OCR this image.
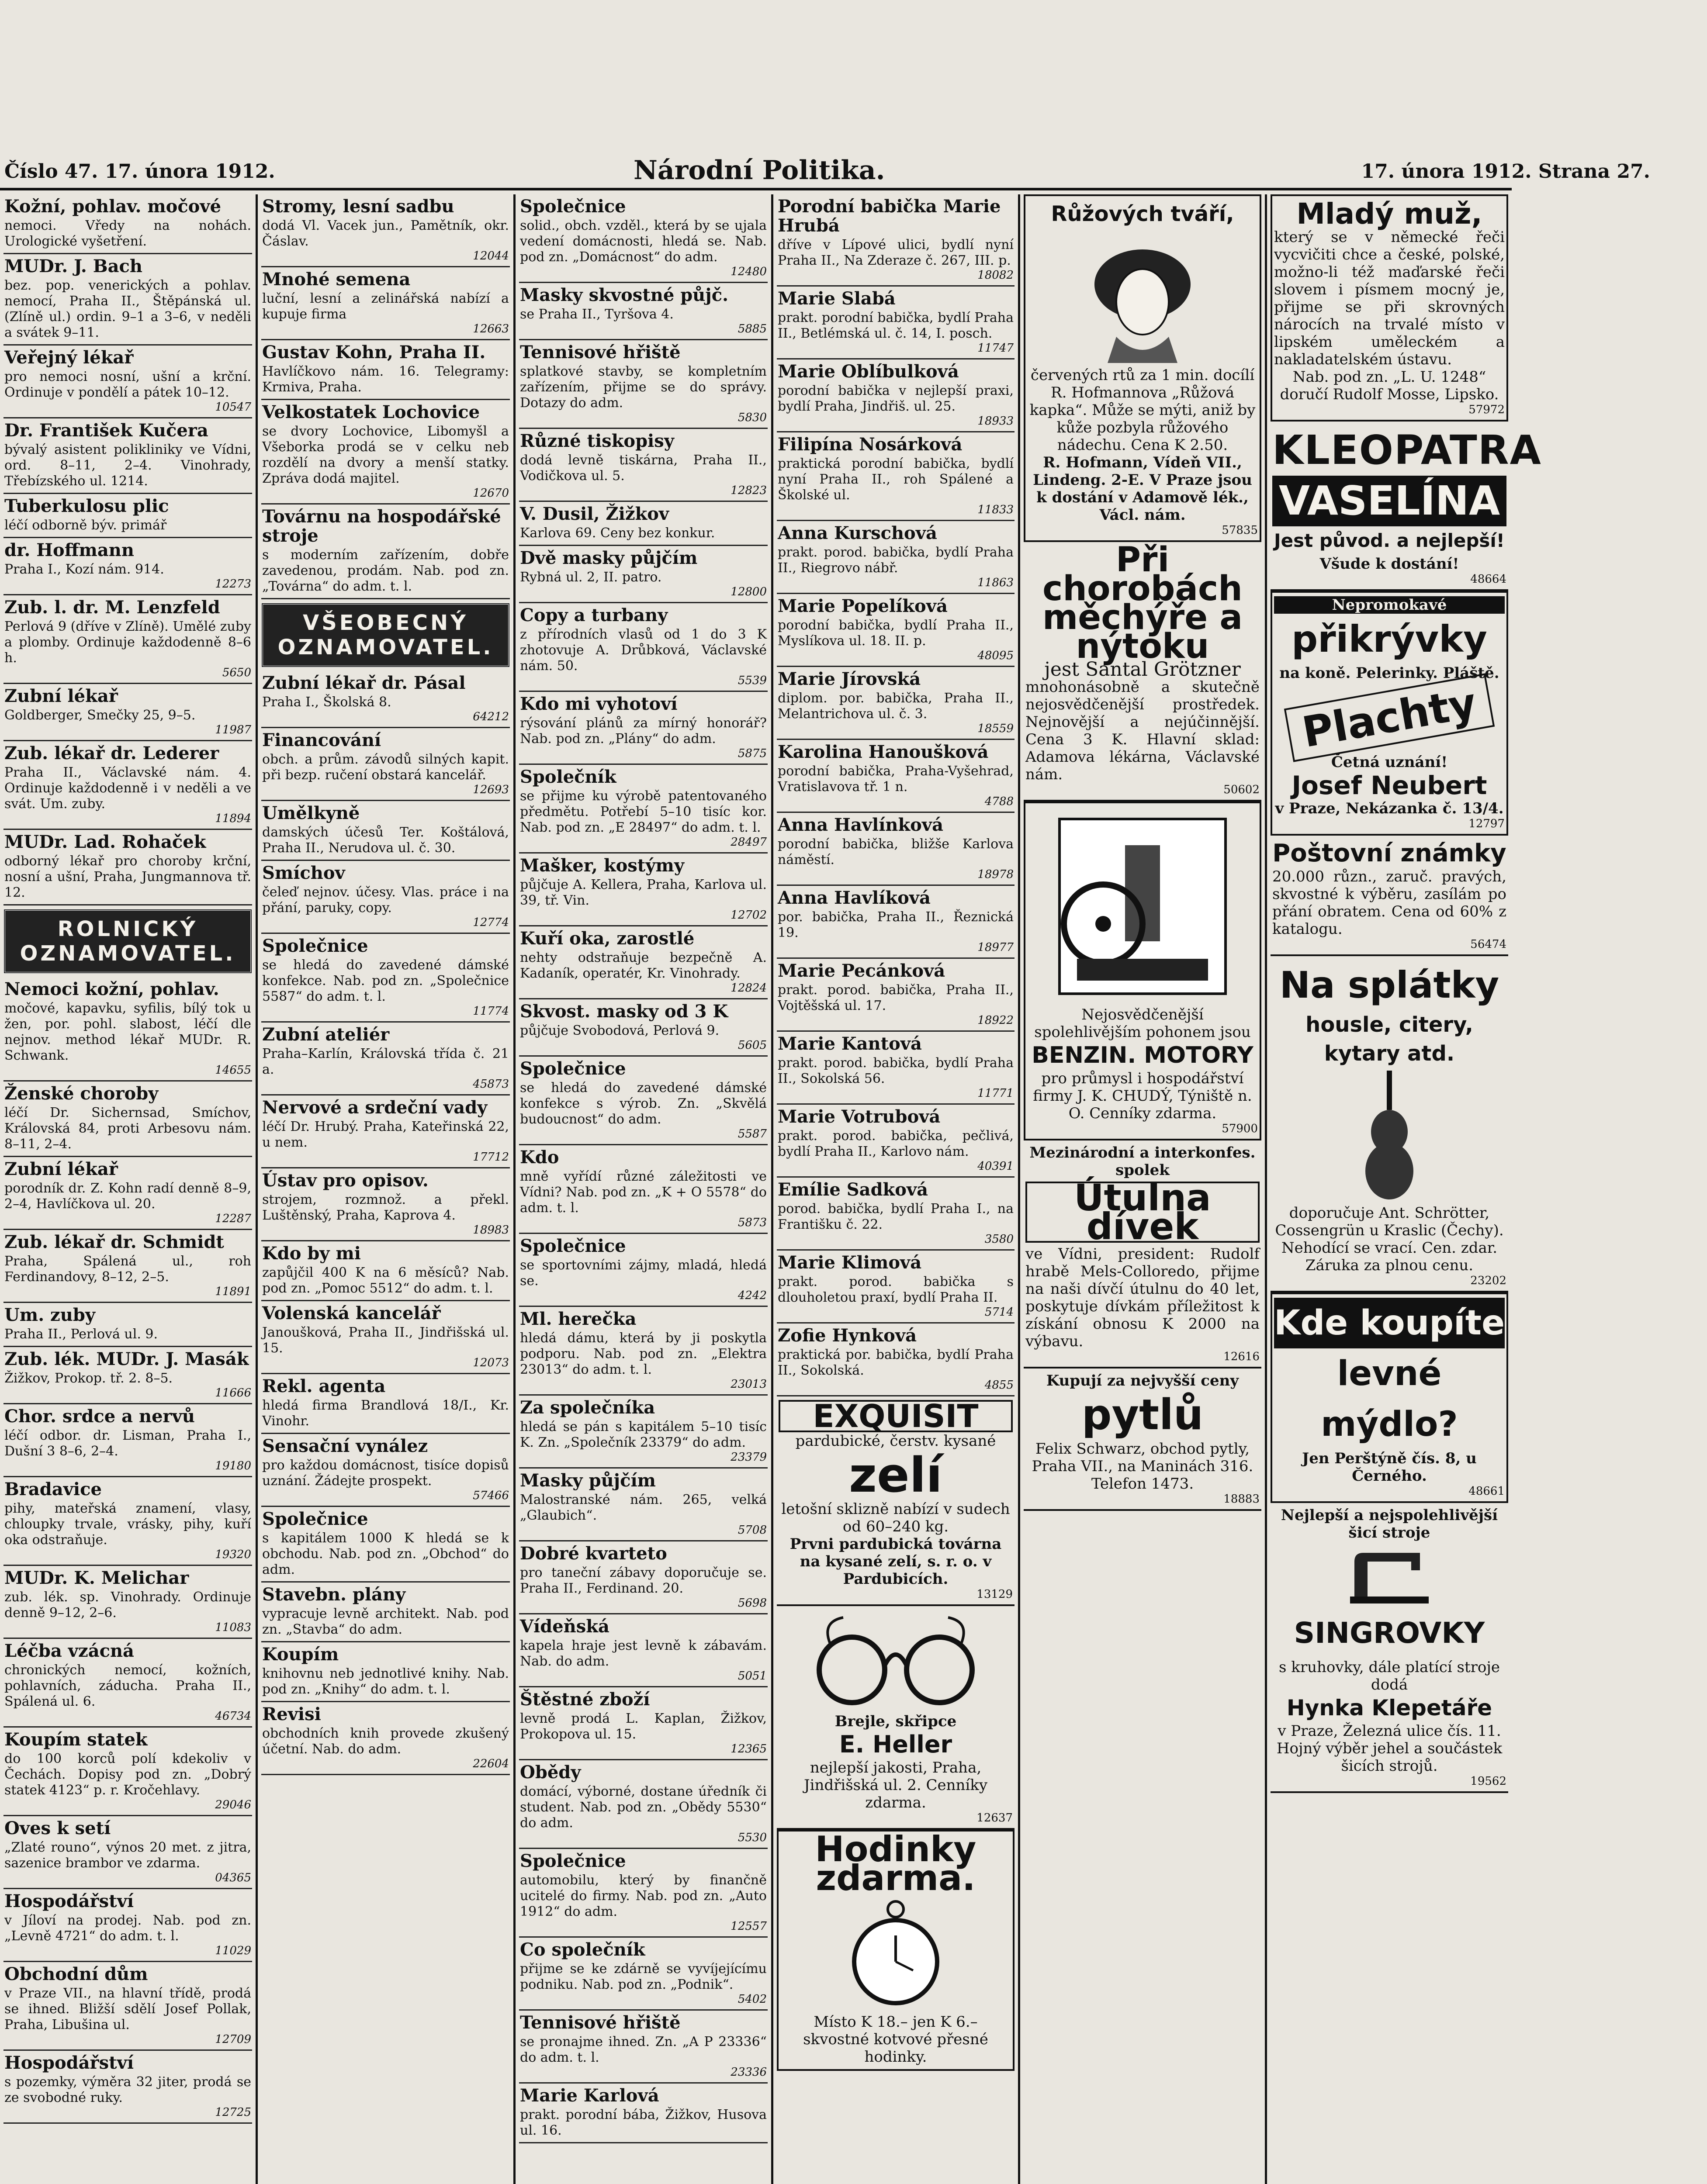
Číslo 47. 17. února 1912.	Národní Politika.	17. února 1912. Strana 27.
Kožní, pohlav. močové

nemoci. Vředy na nohách. Urologické vyšetření.

MUDr. J. Bach

bez. pop. venerických a pohlav. nemocí, Praha II., Štěpánská ul. (Zlíně ul.) ordin. 9–1 a 3–6, v neděli a svátek 9–11.

Veřejný lékař

pro nemoci nosní, ušní a krční. Ordinuje v pondělí a pátek 10–12.

10547
Dr. František Kučera

bývalý asistent polikliniky ve Vídni, ord. 8–11, 2–4. Vinohrady, Třebízského ul. 1214.

Tuberkulosu plic

léčí odborně býv. primář

dr. Hoffmann

Praha I., Kozí nám. 914.

12273
Zub. l. dr. M. Lenzfeld

Perlová 9 (dříve v Zlíně). Umělé zuby a plomby. Ordinuje každodenně 8–6 h.

5650
Zubní lékař

Goldberger, Smečky 25, 9–5.

11987
Zub. lékař dr. Lederer

Praha II., Václavské nám. 4. Ordinuje každodenně i v neděli a ve svát. Um. zuby.

11894
MUDr. Lad. Rohaček

odborný lékař pro choroby krční, nosní a ušní, Praha, Jungmannova tř. 12.

ROLNICKÝ OZNAMOVATEL.
Nemoci kožní, pohlav.

močové, kapavku, syfilis, bílý tok u žen, por. pohl. slabost, léčí dle nejnov. method lékař MUDr. R. Schwank.

14655
Ženské choroby

léčí Dr. Sichernsad, Smíchov, Královská 84, proti Arbesovu nám. 8–11, 2–4.

Zubní lékař

porodník dr. Z. Kohn radí denně 8–9, 2–4, Havlíčkova ul. 20.

12287
Zub. lékař dr. Schmidt

Praha, Spálená ul., roh Ferdinandovy, 8–12, 2–5.

11891
Um. zuby

Praha II., Perlová ul. 9.

Zub. lék. MUDr. J. Masák

Žižkov, Prokop. tř. 2. 8–5.

11666
Chor. srdce a nervů

léčí odbor. dr. Lisman, Praha I., Dušní 3 8–6, 2–4.

19180
Bradavice

pihy, mateřská znamení, vlasy, chloupky trvale, vrásky, pihy, kuří oka odstraňuje.

19320
MUDr. K. Melichar

zub. lék. sp. Vinohrady. Ordinuje denně 9–12, 2–6.

11083
Léčba vzácná

chronických nemocí, kožních, pohlavních, záducha. Praha II., Spálená ul. 6.

46734
Koupím statek

do 100 korců polí kdekoliv v Čechách. Dopisy pod zn. „Dobrý statek 4123“ p. r. Kročehlavy.

29046
Oves k setí

„Zlaté rouno“, výnos 20 met. z jitra, sazenice brambor ve zdarma.

04365
Hospodářství

v Jíloví na prodej. Nab. pod zn. „Levně 4721“ do adm. t. l.

11029
Obchodní dům

v Praze VII., na hlavní třídě, prodá se ihned. Bližší sdělí Josef Pollak, Praha, Libušina ul.

12709
Hospodářství

s pozemky, výměra 32 jiter, prodá se ze svobodné ruky.

12725
Stromy, lesní sadbu

dodá Vl. Vacek jun., Pamětník, okr. Čáslav.

12044
Mnohé semena

luční, lesní a zelinářská nabízí a kupuje firma

12663
Gustav Kohn, Praha II.

Havlíčkovo nám. 16. Telegramy: Krmiva, Praha.

Velkostatek Lochovice

se dvory Lochovice, Libomyšl a Všeborka prodá se v celku neb rozdělí na dvory a menší statky. Zpráva dodá majitel.

12670
Továrnu na hospodářské stroje

s moderním zařízením, dobře zavedenou, prodám. Nab. pod zn. „Továrna“ do adm. t. l.

VŠEOBECNÝ OZNAMOVATEL.
Zubní lékař dr. Pásal

Praha I., Školská 8.

64212
Financování

obch. a prům. závodů silných kapit. při bezp. ručení obstará kancelář.

12693
Umělkyně

damských účesů Ter. Koštálová, Praha II., Nerudova ul. č. 30.

Smíchov

čeleď nejnov. účesy. Vlas. práce i na přání, paruky, copy.

12774
Společnice

se hledá do zavedené dámské konfekce. Nab. pod zn. „Společnice 5587“ do adm. t. l.

11774
Zubní ateliér

Praha–Karlín, Královská třída č. 21 a.

45873
Nervové a srdeční vady

léčí Dr. Hrubý. Praha, Kateřinská 22, u nem.

17712
Ústav pro opisov.

strojem, rozmnož. a překl. Luštěnský, Praha, Kaprova 4.

18983
Kdo by mi

zapůjčil 400 K na 6 měsíců? Nab. pod zn. „Pomoc 5512“ do adm. t. l.

Volenská kancelář

Janoušková, Praha II., Jindřišská ul. 15.

12073
Rekl. agenta

hledá firma Brandlová 18/I., Kr. Vinohr.

Sensační vynález

pro každou domácnost, tisíce dopisů uznání. Žádejte prospekt.

57466
Společnice

s kapitálem 1000 K hledá se k obchodu. Nab. pod zn. „Obchod“ do adm.

Stavebn. plány

vypracuje levně architekt. Nab. pod zn. „Stavba“ do adm.

Koupím

knihovnu neb jednotlivé knihy. Nab. pod zn. „Knihy“ do adm. t. l.

Revisi

obchodních knih provede zkušený účetní. Nab. do adm.

22604
Společnice

solid., obch. vzděl., která by se ujala vedení domácnosti, hledá se. Nab. pod zn. „Domácnost“ do adm.

12480
Masky skvostné půjč.

se Praha II., Tyršova 4.

5885
Tennisové hřiště

splatkové stavby, se kompletním zařízením, přijme se do správy. Dotazy do adm.

5830
Různé tiskopisy

dodá levně tiskárna, Praha II., Vodičkova ul. 5.

12823
V. Dusil, Žižkov

Karlova 69. Ceny bez konkur.

Dvě masky půjčím

Rybná ul. 2, II. patro.

12800
Copy a turbany

z přírodních vlasů od 1 do 3 K zhotovuje A. Drůbková, Václavské nám. 50.

5539
Kdo mi vyhotoví

rýsování plánů za mírný honorář? Nab. pod zn. „Plány“ do adm.

5875
Společník

se přijme ku výrobě patentovaného předmětu. Potřebí 5–10 tisíc kor. Nab. pod zn. „E 28497“ do adm. t. l.

28497
Mašker, kostýmy

půjčuje A. Kellera, Praha, Karlova ul. 39, tř. Vin.

12702
Kuří oka, zarostlé

nehty odstraňuje bezpečně A. Kadaník, operatér, Kr. Vinohrady.

12824
Skvost. masky od 3 K

půjčuje Svobodová, Perlová 9.

5605
Společnice

se hledá do zavedené dámské konfekce s výrob. Zn. „Skvělá budoucnost“ do adm.

5587
Kdo

mně vyřídí různé záležitosti ve Vídni? Nab. pod zn. „K + O 5578“ do adm. t. l.

5873
Společnice

se sportovními zájmy, mladá, hledá se.

4242
Ml. herečka

hledá dámu, která by ji poskytla podporu. Nab. pod zn. „Elektra 23013“ do adm. t. l.

23013
Za společníka

hledá se pán s kapitálem 5–10 tisíc K. Zn. „Společník 23379“ do adm.

23379
Masky půjčím

Malostranské nám. 265, velká „Glaubich“.

5708
Dobré kvarteto

pro taneční zábavy doporučuje se. Praha II., Ferdinand. 20.

5698
Vídeňská

kapela hraje jest levně k zábavám. Nab. do adm.

5051
Štěstné zboží

levně prodá L. Kaplan, Žižkov, Prokopova ul. 15.

12365
Obědy

domácí, výborné, dostane úředník či student. Nab. pod zn. „Obědy 5530“ do adm.

5530
Společnice

automobilu, který by finančně ucitelé do firmy. Nab. pod zn. „Auto 1912“ do adm.

12557
Co společník

přijme se ke zdárně se vyvíjejícímu podniku. Nab. pod zn. „Podnik“.

5402
Tennisové hřiště

se pronajme ihned. Zn. „A P 23336“ do adm. t. l.

23336
Marie Karlová

prakt. porodní bába, Žižkov, Husova ul. 16.

Porodní babička Marie Hrubá

dříve v Lípové ulici, bydlí nyní Praha II., Na Zderaze č. 267, III. p.

18082
Marie Slabá

prakt. porodní babička, bydlí Praha II., Betlémská ul. č. 14, I. posch.

11747
Marie Oblíbulková

porodní babička v nejlepší praxi, bydlí Praha, Jindřiš. ul. 25.

18933
Filipína Nosárková

praktická porodní babička, bydlí nyní Praha II., roh Spálené a Školské ul.

11833
Anna Kurschová

prakt. porod. babička, bydlí Praha II., Riegrovo nábř.

11863
Marie Popelíková

porodní babička, bydlí Praha II., Myslíkova ul. 18. II. p.

48095
Marie Jírovská

diplom. por. babička, Praha II., Melantrichova ul. č. 3.

18559
Karolina Hanoušková

porodní babička, Praha-Vyšehrad, Vratislavova tř. 1 n.

4788
Anna Havlínková

porodní babička, bližše Karlova náměstí.

18978
Anna Havlíková

por. babička, Praha II., Řeznická 19.

18977
Marie Pecánková

prakt. porod. babička, Praha II., Vojtěšská ul. 17.

18922
Marie Kantová

prakt. porod. babička, bydlí Praha II., Sokolská 56.

11771
Marie Votrubová

prakt. porod. babička, pečlivá, bydlí Praha II., Karlovo nám.

40391
Emílie Sadková

porod. babička, bydlí Praha I., na Františku č. 22.

3580
Marie Klimová

prakt. porod. babička s dlouholetou praxí, bydlí Praha II.

5714
Zofie Hynková

praktická por. babička, bydlí Praha II., Sokolská.

4855
EXQUISIT
pardubické, čerstv. kysané
zelí
letošní sklizně nabízí v sudech od 60–240 kg.
Prvni pardubická továrna na kysané zelí, s. r. o. v Pardubicích.
13129
Brejle, skřipce
E. Heller
nejlepší jakosti, Praha, Jindřišská ul. 2. Cenníky zdarma.
12637
Hodinky zdarma.
Místo K 18.– jen K 6.– skvostné kotvové přesné hodinky.
Růžových tváří,
červených rtů za 1 min. docílí R. Hofmannova „Růžová kapka“. Může se mýti, aniž by kůže pozbyla růžového nádechu. Cena K 2.50.
R. Hofmann, Vídeň VII., Lindeng. 2-E. V Praze jsou k dostání v Adamově lék., Václ. nám.
57835
Při chorobách
měchýře a nýtoku
jest Santal Grötzner
mnohonásobně a skutečně nejosvědčenější prostředek. Nejnovější a nejúčinnější. Cena 3 K. Hlavní sklad: Adamova lékárna, Václavské nám.
50602
Nejosvědčenější
spolehlivějším pohonem jsou
BENZIN. MOTORY
pro průmysl i hospodářství firmy J. K. CHUDÝ, Týniště n. O. Cenníky zdarma.
57900
Mezinárodní a interkonfes. spolek
Útulna dívek
ve Vídni, president: Rudolf hrabě Mels-Colloredo, přijme na naši dívčí útulnu do 40 let, poskytuje dívkám příležitost k získání obnosu K 2000 na výbavu.
12616
Kupují za nejvyšší ceny
pytlů
Felix Schwarz, obchod pytly, Praha VII., na Maninách 316. Telefon 1473.
18883
Mladý muž,
který se v německé řeči vycvičiti chce a české, polské, možno-li též maďarské řeči slovem i písmem mocný je, přijme se při skrovných nárocích na trvalé místo v lipském uměleckém a nakladatelském ústavu.
Nab. pod zn. „L. U. 1248“ doručí Rudolf Mosse, Lipsko.
57972
KLEOPATRA
VASELÍNA
Jest původ. a nejlepší!
Všude k dostání!
48664
Nepromokavé
přikrývky
na koně. Pelerinky. Pláště.
Plachty
Četná uznání!
Josef Neubert
v Praze, Nekázanka č. 13/4.
12797
Poštovní známky
20.000 různ., zaruč. pravých, skvostné k výběru, zasílám po přání obratem. Cena od 60% z katalogu.
56474
Na splátky
housle, citery, kytary atd.
doporučuje Ant. Schrötter, Cossengrün u Kraslic (Čechy).
Nehodící se vrací. Cen. zdar. Záruka za plnou cenu.
23202
Kde koupíte
levné mýdlo?
Jen Perštýně čís. 8, u Černého.
48661
Nejlepší a nejspolehlivější šicí stroje
SINGROVKY
s kruhovky, dále platící stroje dodá
Hynka Klepetáře
v Praze, Železná ulice čís. 11. Hojný výběr jehel a součástek šicích strojů.
19562
